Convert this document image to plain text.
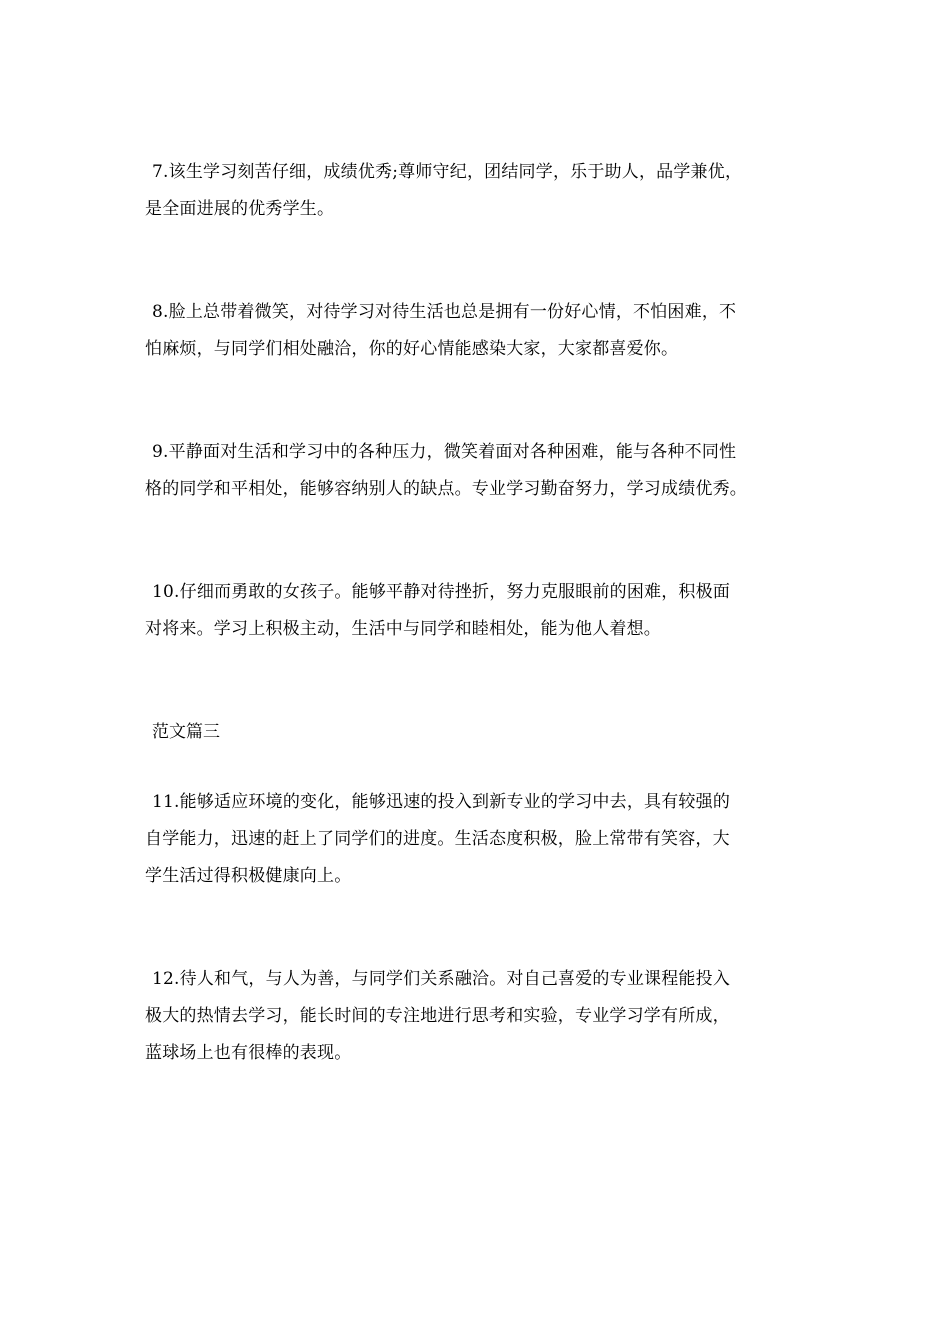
7.该生学习刻苦仔细，成绩优秀;尊师守纪，团结同学，乐于助人，品学兼优，
是全面进展的优秀学生。

8.脸上总带着微笑，对待学习对待生活也总是拥有一份好心情，不怕困难，不
怕麻烦，与同学们相处融洽，你的好心情能感染大家，大家都喜爱你。

9.平静面对生活和学习中的各种压力，微笑着面对各种困难，能与各种不同性
格的同学和平相处，能够容纳别人的缺点。专业学习勤奋努力，学习成绩优秀。

10.仔细而勇敢的女孩子。能够平静对待挫折，努力克服眼前的困难，积极面
对将来。学习上积极主动，生活中与同学和睦相处，能为他人着想。

范文篇三

11.能够适应环境的变化，能够迅速的投入到新专业的学习中去，具有较强的
自学能力，迅速的赶上了同学们的进度。生活态度积极，脸上常带有笑容，大
学生活过得积极健康向上。

12.待人和气，与人为善，与同学们关系融洽。对自己喜爱的专业课程能投入
极大的热情去学习，能长时间的专注地进行思考和实验，专业学习学有所成，
蓝球场上也有很棒的表现。
